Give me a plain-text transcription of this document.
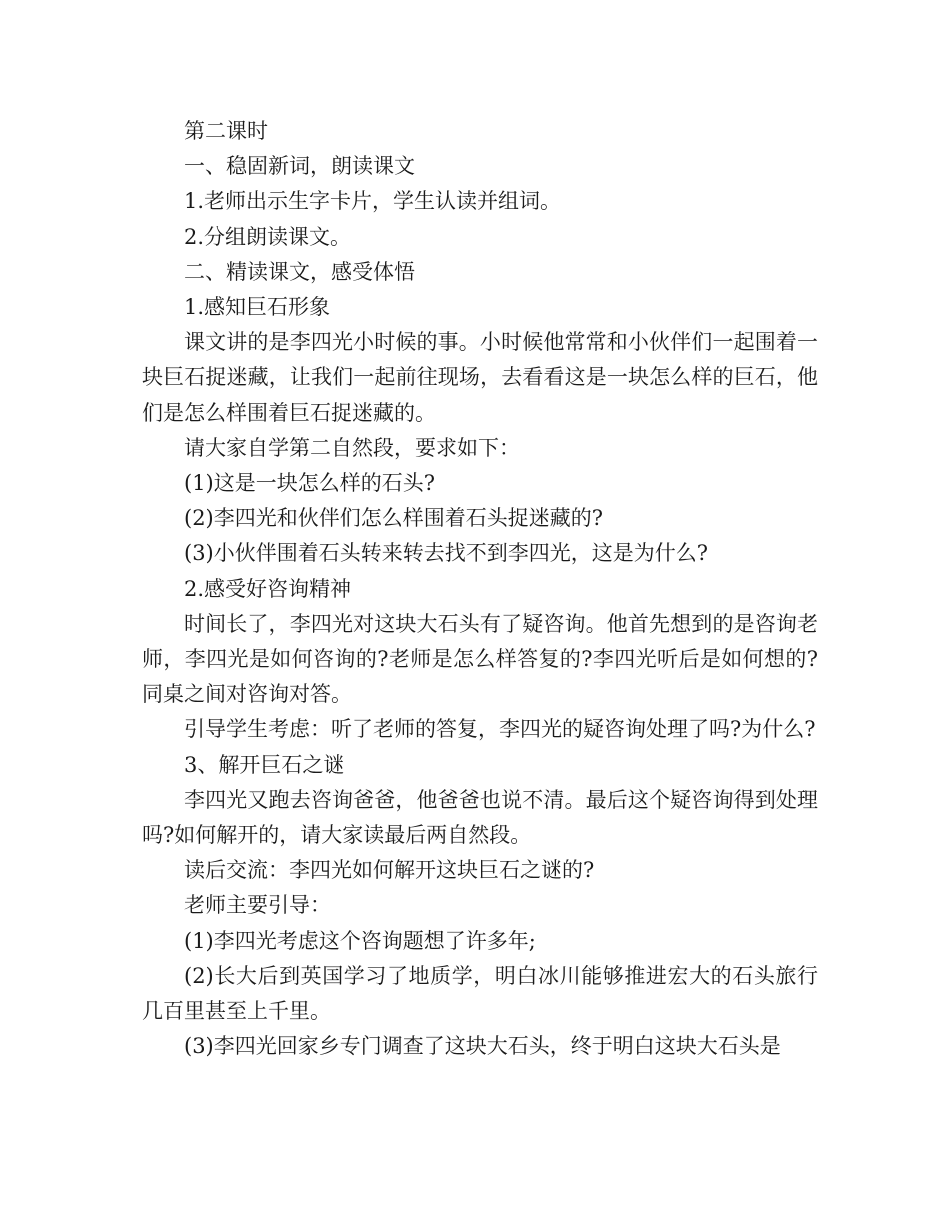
第二课时

一、稳固新词，朗读课文

1.老师出示生字卡片，学生认读并组词。

2.分组朗读课文。

二、精读课文，感受体悟

1.感知巨石形象

课文讲的是李四光小时候的事。小时候他常常和小伙伴们一起围着一块巨石捉迷藏，让我们一起前往现场，去看看这是一块怎么样的巨石，他们是怎么样围着巨石捉迷藏的。

请大家自学第二自然段，要求如下：

(1)这是一块怎么样的石头?

(2)李四光和伙伴们怎么样围着石头捉迷藏的?

(3)小伙伴围着石头转来转去找不到李四光，这是为什么?

2.感受好咨询精神

时间长了，李四光对这块大石头有了疑咨询。他首先想到的是咨询老师，李四光是如何咨询的?老师是怎么样答复的?李四光听后是如何想的?同桌之间对咨询对答。

引导学生考虑：听了老师的答复，李四光的疑咨询处理了吗?为什么?

3、解开巨石之谜

李四光又跑去咨询爸爸，他爸爸也说不清。最后这个疑咨询得到处理吗?如何解开的，请大家读最后两自然段。

读后交流：李四光如何解开这块巨石之谜的?

老师主要引导：

(1)李四光考虑这个咨询题想了许多年;

(2)长大后到英国学习了地质学，明白冰川能够推进宏大的石头旅行几百里甚至上千里。

(3)李四光回家乡专门调查了这块大石头，终于明白这块大石头是
